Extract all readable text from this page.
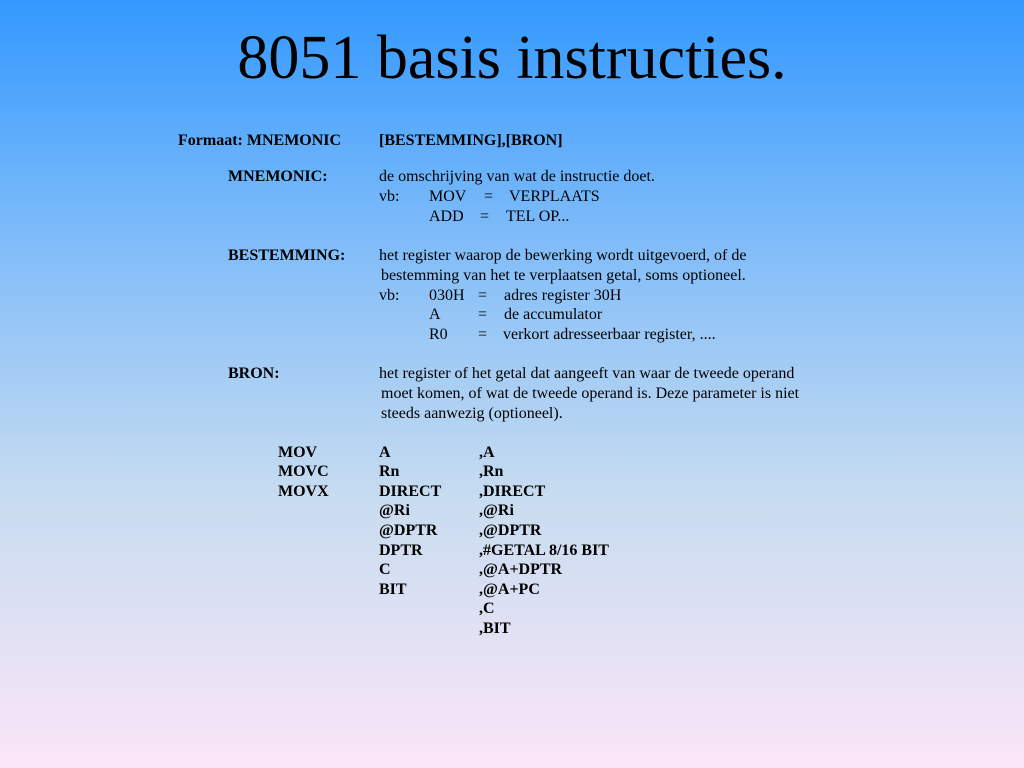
8051 basis instructies.
Formaat: MNEMONIC [BESTEMMING],[BRON]
MNEMONIC:	de omschrijving van wat de instructie doet.
vb: MOV = VERPLAATS
ADD = TEL OP...
BESTEMMING: het register waarop de bewerking wordt uitgevoerd, of de
bestemming van het te verplaatsen getal, soms optioneel.
vb: 030H = adres register 30H
A = de accumulator
R0 = verkort adresseerbaar register, ....
BRON:	het register of het getal dat aangeeft van waar de tweede operand
moet komen, of wat de tweede operand is. Deze parameter is niet
steeds aanwezig (optioneel).
MOV
MOVC
MOVX
A
Rn
DIRECT
@Ri
@DPTR
DPTR
C
BIT
,A
,Rn
,DIRECT
,@Ri
,@DPTR
,#GETAL 8/16 BIT
,@A+DPTR
,@A+PC
,C
,BIT
